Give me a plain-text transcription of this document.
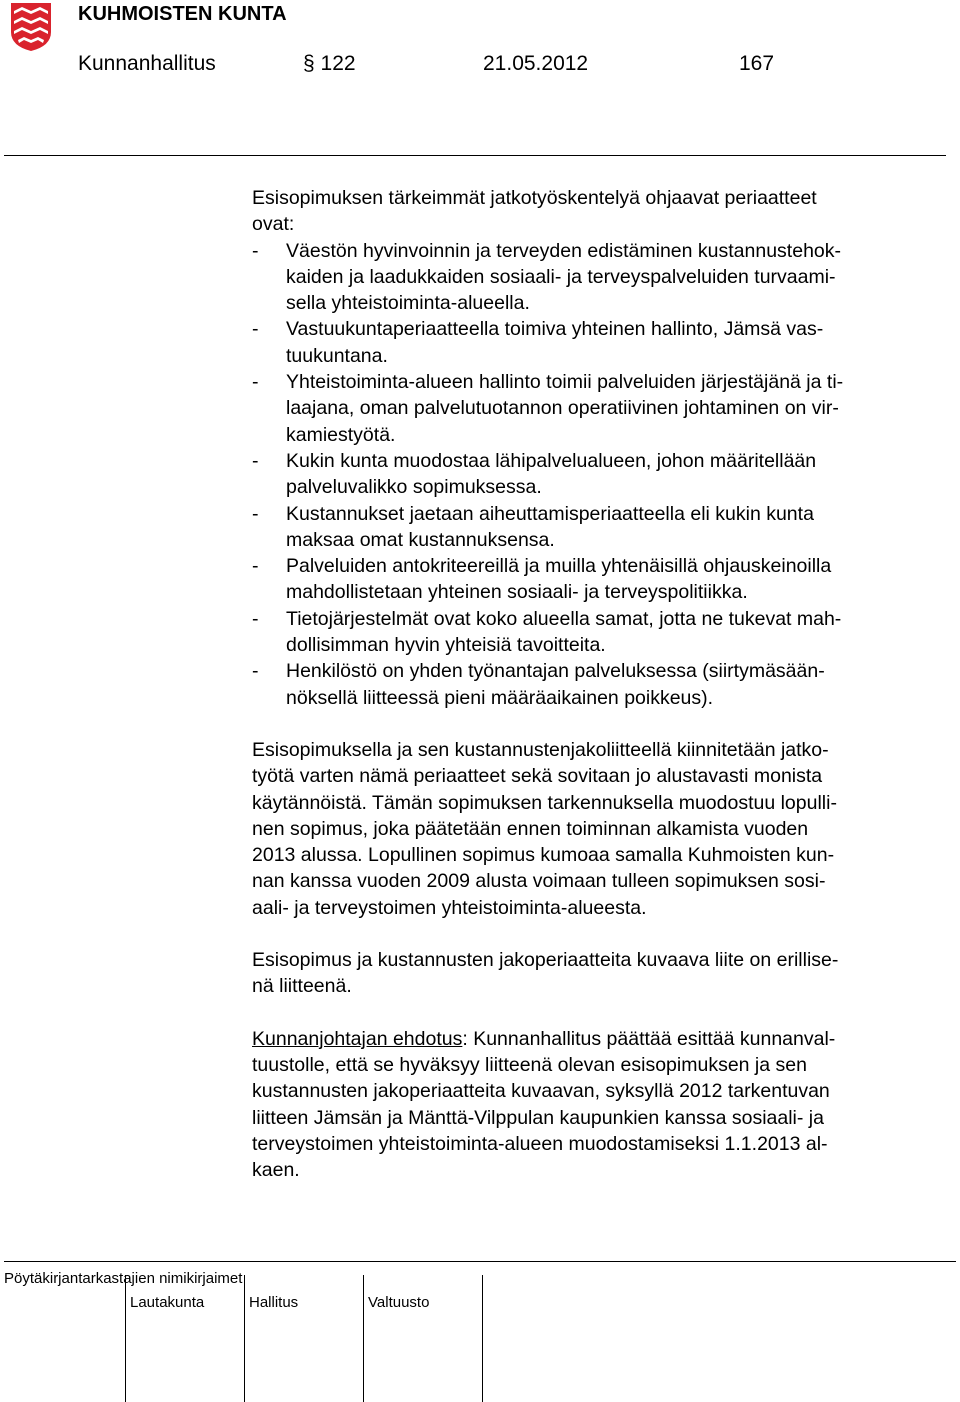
KUHMOISTEN KUNTA
Kunnanhallitus	§ 122	21.05.2012	167

Esisopimuksen tärkeimmät jatkotyöskentelyä ohjaavat periaatteet

ovat:

- Väestön hyvinvoinnin ja terveyden edistäminen kustannustehok-

kaiden ja laadukkaiden sosiaali- ja terveyspalveluiden turvaami-

sella yhteistoiminta-alueella.

- Vastuukuntaperiaatteella toimiva yhteinen hallinto, Jämsä vas-

tuukuntana.

- Yhteistoiminta-alueen hallinto toimii palveluiden järjestäjänä ja ti-

laajana, oman palvelutuotannon operatiivinen johtaminen on vir-

kamiestyötä.

- Kukin kunta muodostaa lähipalvelualueen, johon määritellään

palveluvalikko sopimuksessa.

- Kustannukset jaetaan aiheuttamisperiaatteella eli kukin kunta

maksaa omat kustannuksensa.

- Palveluiden antokriteereillä ja muilla yhtenäisillä ohjauskeinoilla

mahdollistetaan yhteinen sosiaali- ja terveyspolitiikka.

- Tietojärjestelmät ovat koko alueella samat, jotta ne tukevat mah-

dollisimman hyvin yhteisiä tavoitteita.

- Henkilöstö on yhden työnantajan palveluksessa (siirtymäsään-

nöksellä liitteessä pieni määräaikainen poikkeus).

Esisopimuksella ja sen kustannustenjakoliitteellä kiinnitetään jatko-

työtä varten nämä periaatteet sekä sovitaan jo alustavasti monista

käytännöistä. Tämän sopimuksen tarkennuksella muodostuu lopulli-

nen sopimus, joka päätetään ennen toiminnan alkamista vuoden

2013 alussa. Lopullinen sopimus kumoaa samalla Kuhmoisten kun-

nan kanssa vuoden 2009 alusta voimaan tulleen sopimuksen sosi-

aali- ja terveystoimen yhteistoiminta-alueesta.

Esisopimus ja kustannusten jakoperiaatteita kuvaava liite on erillise-

nä liitteenä.

Kunnanjohtajan ehdotus: Kunnanhallitus päättää esittää kunnanval-

tuustolle, että se hyväksyy liitteenä olevan esisopimuksen ja sen

kustannusten jakoperiaatteita kuvaavan, syksyllä 2012 tarkentuvan

liitteen Jämsän ja Mänttä-Vilppulan kaupunkien kanssa sosiaali- ja

terveystoimen yhteistoiminta-alueen muodostamiseksi 1.1.2013 al-

kaen.

Pöytäkirjantarkastajien nimikirjaimet
Lautakunta	Hallitus	Valtuusto
